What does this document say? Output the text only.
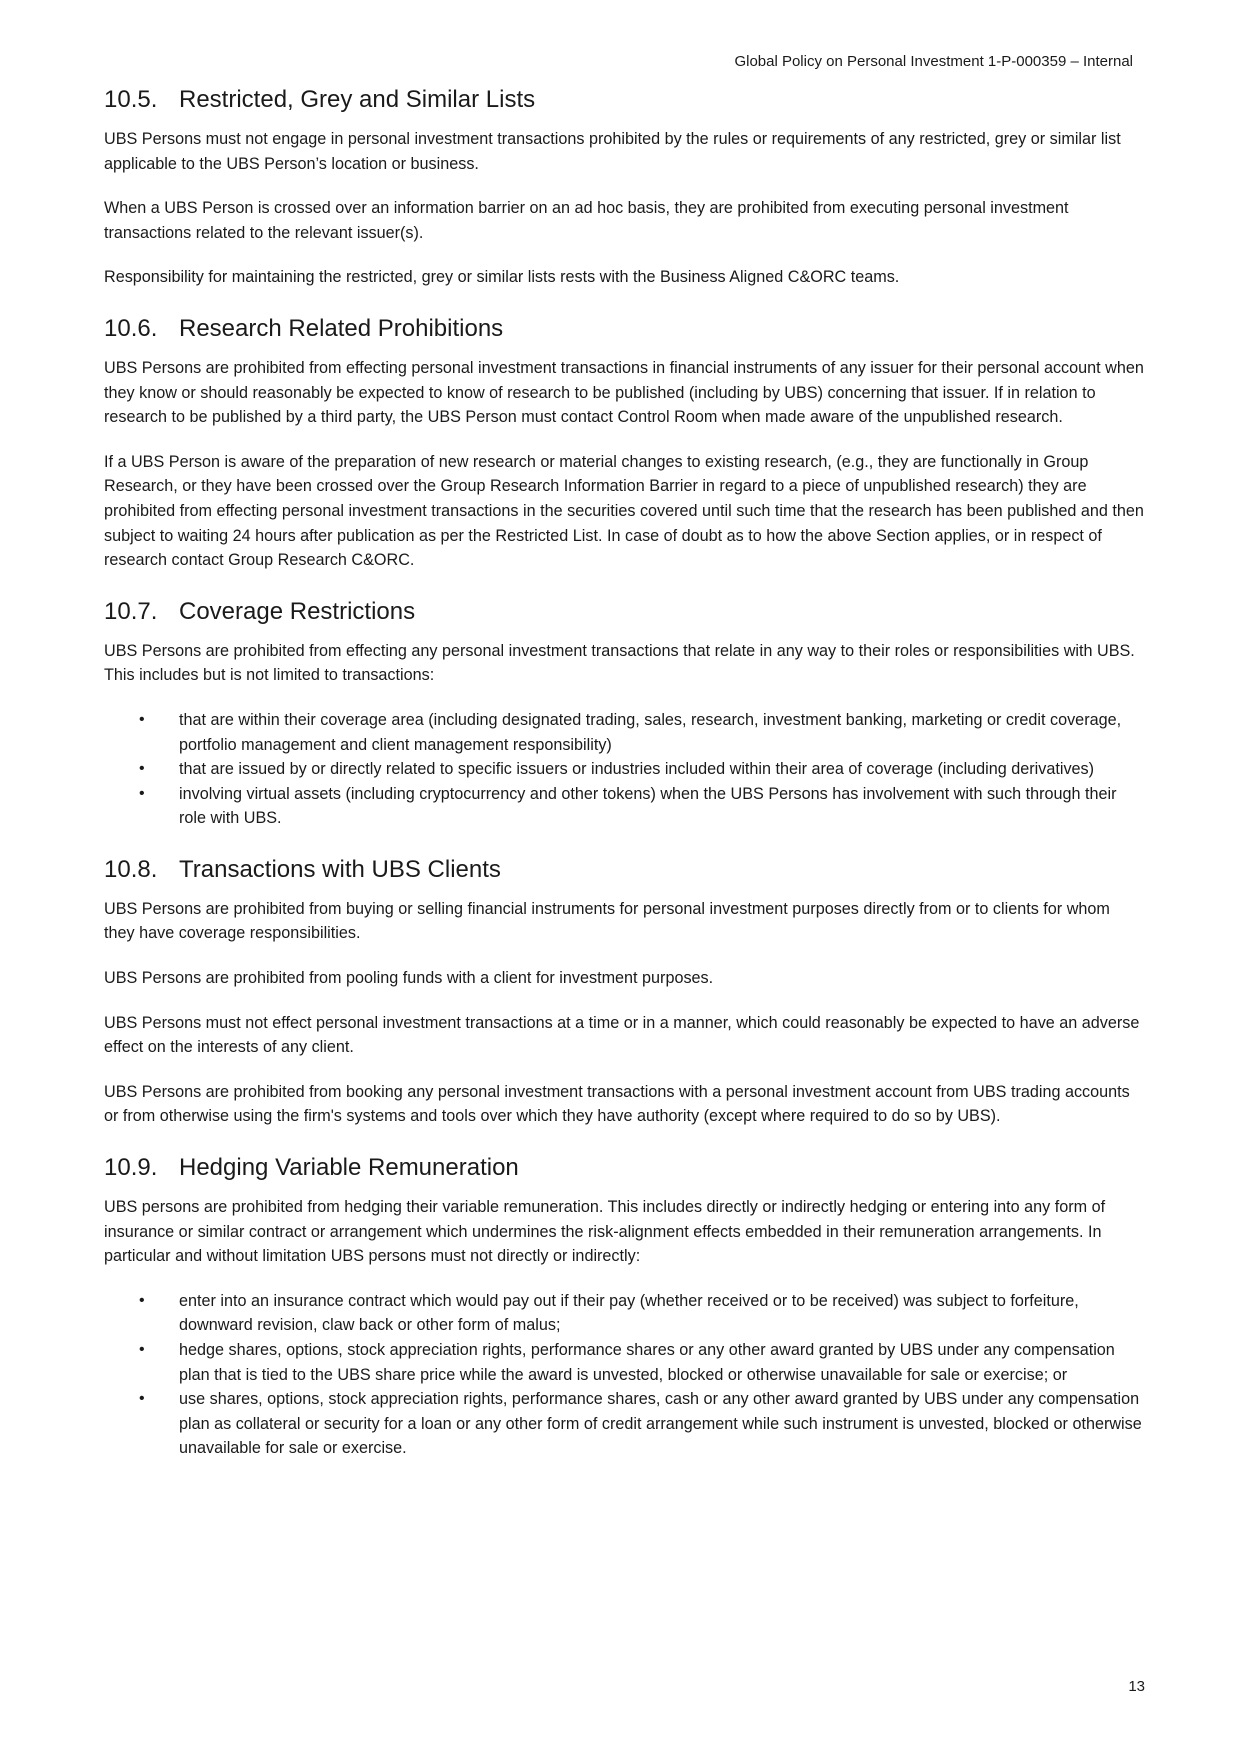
Global Policy on Personal Investment 1-P-000359 – Internal
10.5. Restricted, Grey and Similar Lists

UBS Persons must not engage in personal investment transactions prohibited by the rules or requirements of any restricted, grey or similar list applicable to the UBS Person’s location or business.

When a UBS Person is crossed over an information barrier on an ad hoc basis, they are prohibited from executing personal investment transactions related to the relevant issuer(s).

Responsibility for maintaining the restricted, grey or similar lists rests with the Business Aligned C&ORC teams.

10.6. Research Related Prohibitions

UBS Persons are prohibited from effecting personal investment transactions in financial instruments of any issuer for their personal account when they know or should reasonably be expected to know of research to be published (including by UBS) concerning that issuer. If in relation to research to be published by a third party, the UBS Person must contact Control Room when made aware of the unpublished research.

If a UBS Person is aware of the preparation of new research or material changes to existing research, (e.g., they are functionally in Group Research, or they have been crossed over the Group Research Information Barrier in regard to a piece of unpublished research) they are prohibited from effecting personal investment transactions in the securities covered until such time that the research has been published and then subject to waiting 24 hours after publication as per the Restricted List. In case of doubt as to how the above Section applies, or in respect of research contact Group Research C&ORC.

10.7. Coverage Restrictions

UBS Persons are prohibited from effecting any personal investment transactions that relate in any way to their roles or responsibilities with UBS. This includes but is not limited to transactions:

• that are within their coverage area (including designated trading, sales, research, investment banking, marketing or credit coverage, portfolio management and client management responsibility)
• that are issued by or directly related to specific issuers or industries included within their area of coverage (including derivatives)
• involving virtual assets (including cryptocurrency and other tokens) when the UBS Persons has involvement with such through their role with UBS.
10.8. Transactions with UBS Clients

UBS Persons are prohibited from buying or selling financial instruments for personal investment purposes directly from or to clients for whom they have coverage responsibilities.

UBS Persons are prohibited from pooling funds with a client for investment purposes.

UBS Persons must not effect personal investment transactions at a time or in a manner, which could reasonably be expected to have an adverse effect on the interests of any client.

UBS Persons are prohibited from booking any personal investment transactions with a personal investment account from UBS trading accounts or from otherwise using the firm's systems and tools over which they have authority (except where required to do so by UBS).

10.9. Hedging Variable Remuneration

UBS persons are prohibited from hedging their variable remuneration. This includes directly or indirectly hedging or entering into any form of insurance or similar contract or arrangement which undermines the risk-alignment effects embedded in their remuneration arrangements. In particular and without limitation UBS persons must not directly or indirectly:

• enter into an insurance contract which would pay out if their pay (whether received or to be received) was subject to forfeiture, downward revision, claw back or other form of malus;
• hedge shares, options, stock appreciation rights, performance shares or any other award granted by UBS under any compensation plan that is tied to the UBS share price while the award is unvested, blocked or otherwise unavailable for sale or exercise; or
• use shares, options, stock appreciation rights, performance shares, cash or any other award granted by UBS under any compensation plan as collateral or security for a loan or any other form of credit arrangement while such instrument is unvested, blocked or otherwise unavailable for sale or exercise.
13
